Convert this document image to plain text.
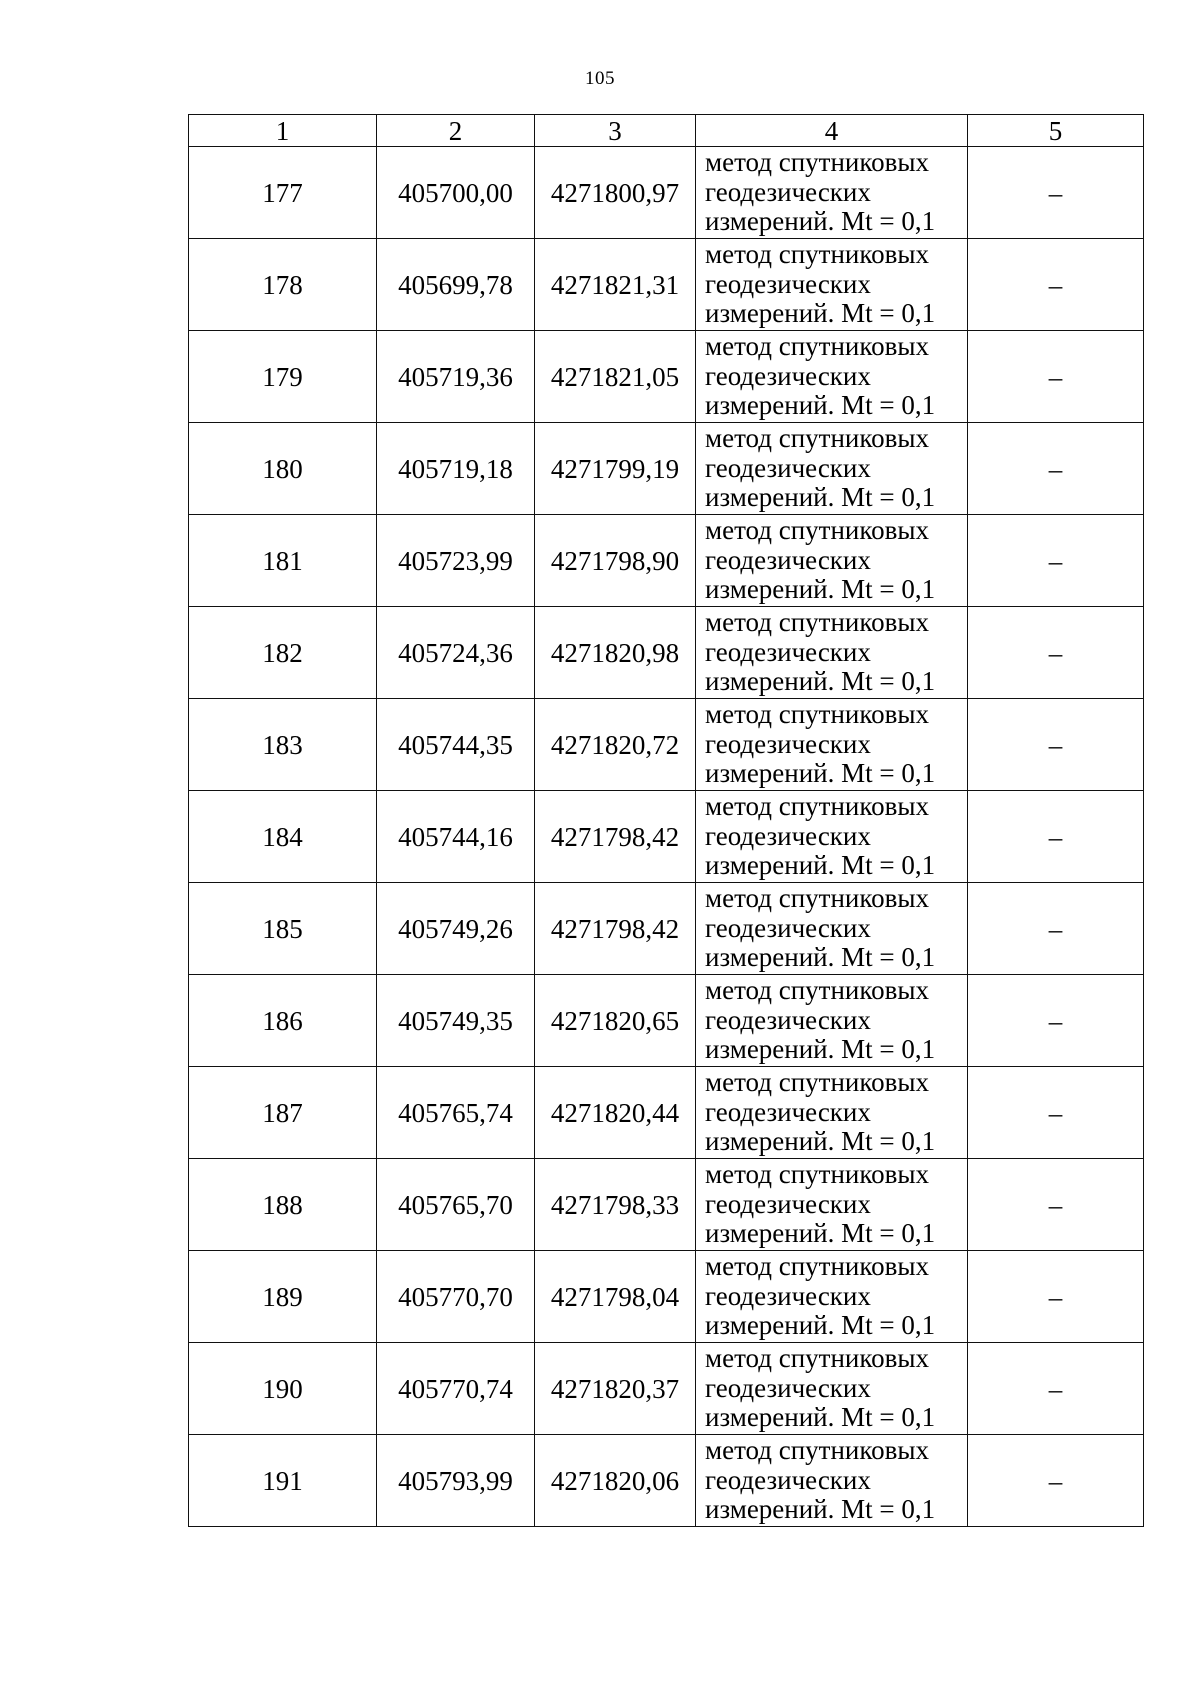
105
1	2	3	4	5
177	405700,00	4271800,97	метод спутниковых
геодезических
измерений. Mt = 0,1	–
178	405699,78	4271821,31	метод спутниковых
геодезических
измерений. Mt = 0,1	–
179	405719,36	4271821,05	метод спутниковых
геодезических
измерений. Mt = 0,1	–
180	405719,18	4271799,19	метод спутниковых
геодезических
измерений. Mt = 0,1	–
181	405723,99	4271798,90	метод спутниковых
геодезических
измерений. Mt = 0,1	–
182	405724,36	4271820,98	метод спутниковых
геодезических
измерений. Mt = 0,1	–
183	405744,35	4271820,72	метод спутниковых
геодезических
измерений. Mt = 0,1	–
184	405744,16	4271798,42	метод спутниковых
геодезических
измерений. Mt = 0,1	–
185	405749,26	4271798,42	метод спутниковых
геодезических
измерений. Mt = 0,1	–
186	405749,35	4271820,65	метод спутниковых
геодезических
измерений. Mt = 0,1	–
187	405765,74	4271820,44	метод спутниковых
геодезических
измерений. Mt = 0,1	–
188	405765,70	4271798,33	метод спутниковых
геодезических
измерений. Mt = 0,1	–
189	405770,70	4271798,04	метод спутниковых
геодезических
измерений. Mt = 0,1	–
190	405770,74	4271820,37	метод спутниковых
геодезических
измерений. Mt = 0,1	–
191	405793,99	4271820,06	метод спутниковых
геодезических
измерений. Mt = 0,1	–
